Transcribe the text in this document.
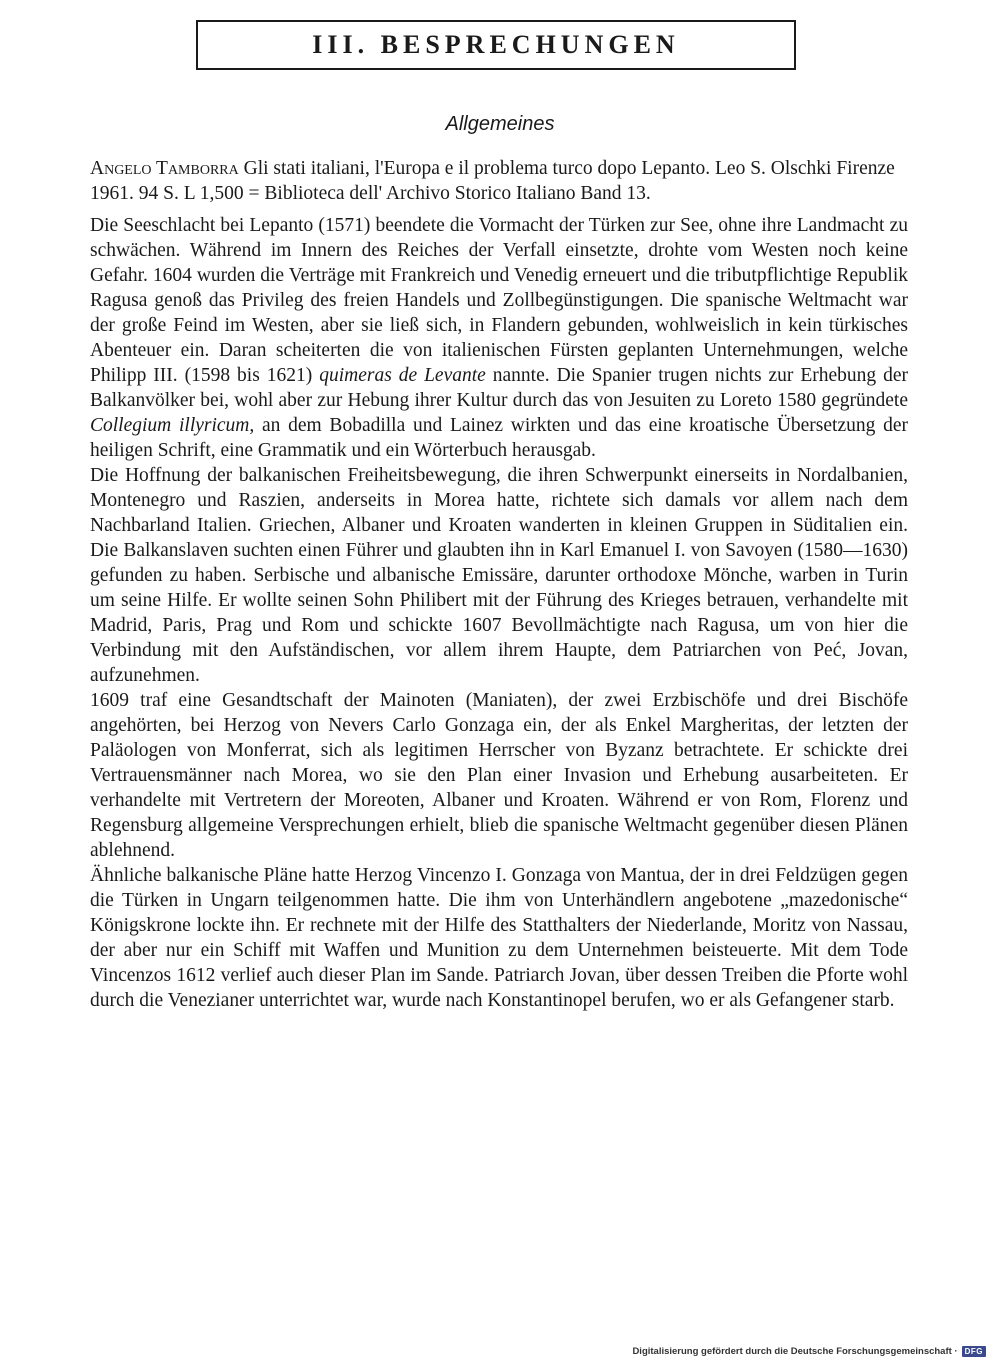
III. BESPRECHUNGEN
Allgemeines

Angelo Tamborra Gli stati italiani, l'Europa e il problema turco dopo Lepanto. Leo S. Olschki Firenze 1961. 94 S. L 1,500 = Biblioteca dell' Archivo Storico Italiano Band 13.

Die Seeschlacht bei Lepanto (1571) beendete die Vormacht der Türken zur See, ohne ihre Landmacht zu schwächen. Während im Innern des Reiches der Verfall einsetzte, drohte vom Westen noch keine Gefahr. 1604 wurden die Verträge mit Frankreich und Venedig erneuert und die tributpflichtige Republik Ragusa genoß das Privileg des freien Handels und Zollbegünstigungen. Die spanische Weltmacht war der große Feind im Westen, aber sie ließ sich, in Flandern gebunden, wohlweislich in kein türkisches Abenteuer ein. Daran scheiterten die von italienischen Fürsten geplanten Unternehmungen, welche Philipp III. (1598 bis 1621) quimeras de Levante nannte. Die Spanier trugen nichts zur Erhebung der Balkanvölker bei, wohl aber zur Hebung ihrer Kultur durch das von Jesuiten zu Loreto 1580 gegründete Collegium illyricum, an dem Bobadilla und Lainez wirkten und das eine kroatische Übersetzung der heiligen Schrift, eine Grammatik und ein Wörterbuch herausgab.

Die Hoffnung der balkanischen Freiheitsbewegung, die ihren Schwerpunkt einerseits in Nordalbanien, Montenegro und Raszien, anderseits in Morea hatte, richtete sich damals vor allem nach dem Nachbarland Italien. Griechen, Albaner und Kroaten wanderten in kleinen Gruppen in Süditalien ein. Die Balkanslaven suchten einen Führer und glaubten ihn in Karl Emanuel I. von Savoyen (1580—1630) gefunden zu haben. Serbische und albanische Emissäre, darunter orthodoxe Mönche, warben in Turin um seine Hilfe. Er wollte seinen Sohn Philibert mit der Führung des Krieges betrauen, verhandelte mit Madrid, Paris, Prag und Rom und schickte 1607 Bevollmächtigte nach Ragusa, um von hier die Verbindung mit den Aufständischen, vor allem ihrem Haupte, dem Patriarchen von Peć, Jovan, aufzunehmen.

1609 traf eine Gesandtschaft der Mainoten (Maniaten), der zwei Erzbischöfe und drei Bischöfe angehörten, bei Herzog von Nevers Carlo Gonzaga ein, der als Enkel Margheritas, der letzten der Paläologen von Monferrat, sich als legitimen Herrscher von Byzanz betrachtete. Er schickte drei Vertrauensmänner nach Morea, wo sie den Plan einer Invasion und Erhebung ausarbeiteten. Er verhandelte mit Vertretern der Moreoten, Albaner und Kroaten. Während er von Rom, Florenz und Regensburg allgemeine Versprechungen erhielt, blieb die spanische Weltmacht gegenüber diesen Plänen ablehnend.

Ähnliche balkanische Pläne hatte Herzog Vincenzo I. Gonzaga von Mantua, der in drei Feldzügen gegen die Türken in Ungarn teilgenommen hatte. Die ihm von Unterhändlern angebotene „mazedonische“ Königskrone lockte ihn. Er rechnete mit der Hilfe des Statthalters der Niederlande, Moritz von Nassau, der aber nur ein Schiff mit Waffen und Munition zu dem Unternehmen beisteuerte. Mit dem Tode Vincenzos 1612 verlief auch dieser Plan im Sande. Patriarch Jovan, über dessen Treiben die Pforte wohl durch die Venezianer unterrichtet war, wurde nach Konstantinopel berufen, wo er als Gefangener starb.

Digitalisierung gefördert durch die Deutsche Forschungsgemeinschaft · DFG
